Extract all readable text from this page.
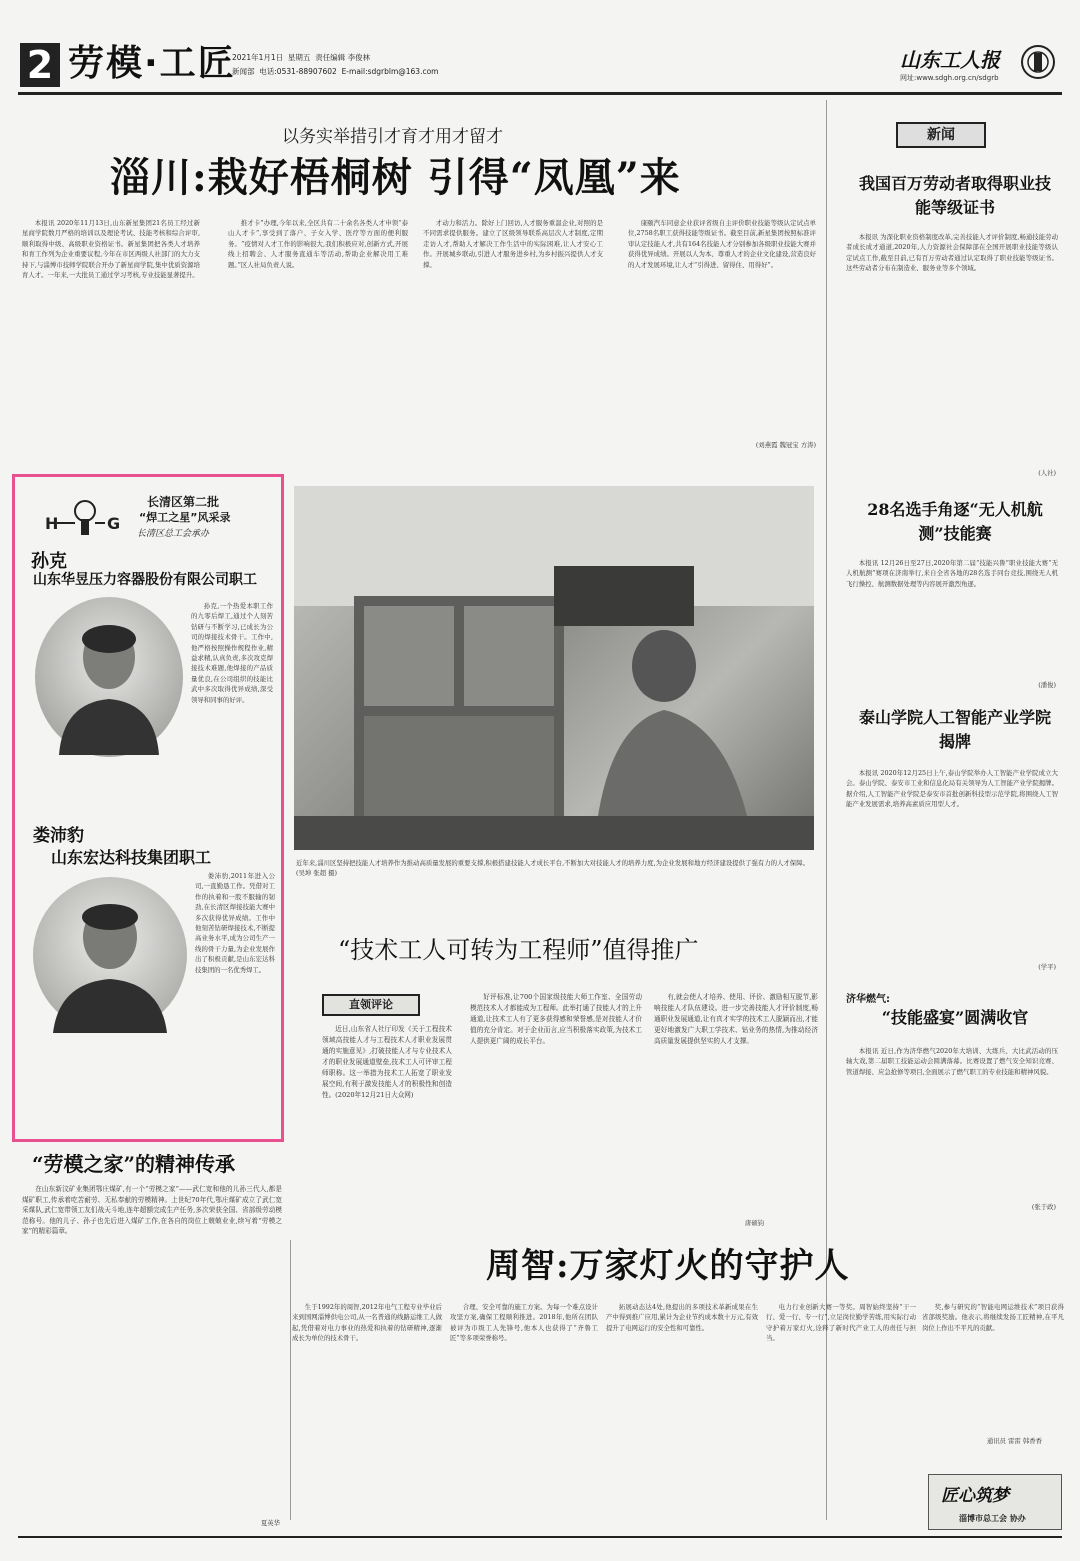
2 劳模·工匠
2021年1月1日 星期五 责任编辑 李俊林
新闻部 电话:0531-88907602 E-mail:sdgrblm@163.com	山东工人报
网址:www.sdgh.org.cn/sdgrb
以务实举措引才育才用才留才
淄川:栽好梧桐树 引得“凤凰”来

本报讯 2020年11月13日,山东新星集团21名员工经过新星商学院数月严格的培训以及理论考试、技能考核和综合评审,顺利取得中级、高级职业资格证书。新星集团把各类人才培养和育工作列为企业重要议程,今年在市区两级人社部门的大力支持下,与淄博市技师学院联合开办了新星商学院,集中优质资源培育人才。一年来,一大批员工通过学习考核,专业技能显著提升。

推才卡”办理,今年以来,全区共有二十余名各类人才申领“泰山人才卡”,享受到了落户、子女入学、医疗等方面的便利服务。“疫情对人才工作的影响很大,我们积极应对,创新方式,开展线上招聘会、人才服务直通车等活动,帮助企业解决用工难题。”区人社局负责人说。

才动力和活力。除好上门回访,人才服务重温企业,对照的是不同需求提供服务。建立了区级领导联系高层次人才制度,定期走访人才,帮助人才解决工作生活中的实际困难,让人才安心工作。开展城乡联动,引进人才服务进乡村,为乡村振兴提供人才支撑。

康颐汽车同意企业获评省级自主评价职业技能等级认定试点单位,2758名职工获得技能等级证书。截至目前,新星集团按照标准评审认定技能人才,共有164名技能人才分别参加各级职业技能大赛并获得优异成绩。开展以人为本、尊重人才的企业文化建设,营造良好的人才发展环境,让人才“引得进、留得住、用得好”。

(刘燕霞 魏冠宝 方涛)
H	G
长清区第二批
“焊工之星”风采录
长清区总工会承办
孙克
山东华昱压力容器股份有限公司职工

孙克,一个热爱本职工作的九零后焊工,通过个人刻苦钻研与不断学习,已成长为公司的焊接技术骨干。工作中,他严格按照操作规程作业,精益求精,认真负责,多次攻克焊接技术难题,他焊接的产品质量优良,在公司组织的技能比武中多次取得优异成绩,深受领导和同事的好评。

娄沛豹
山东宏达科技集团职工

娄沛豹,2011年进入公司,一直勤恳工作。凭借对工作的执着和一股不服输的韧劲,在长清区焊接技能大赛中多次获得优异成绩。工作中他刻苦钻研焊接技术,不断提高业务水平,成为公司生产一线的骨干力量,为企业发展作出了积极贡献,是山东宏达科技集团的一名优秀焊工。

近年来,淄川区坚持把技能人才培养作为推动高质量发展的重要支撑,积极搭建技能人才成长平台,不断加大对技能人才的培养力度,为企业发展和地方经济建设提供了强有力的人才保障。(吴坤 张超 摄)
“技术工人可转为工程师”值得推广
直领评论

近日,山东省人社厅印发《关于工程技术领域高技能人才与工程技术人才职业发展贯通的实施意见》,打破技能人才与专业技术人才的职业发展通道壁垒,技术工人可评审工程师职称。这一举措为技术工人拓宽了职业发展空间,有利于激发技能人才的积极性和创造性。(2020年12月21日大众网)

好评标准,让700个国家级技能大师工作室、全国劳动模范技术人才都能成为工程师。此举打通了技能人才的上升通道,让技术工人有了更多获得感和荣誉感,是对技能人才价值的充分肯定。对于企业而言,应当积极落实政策,为技术工人提供更广阔的成长平台。

有,就会使人才培养、使用、评价、激励相互脱节,影响技能人才队伍建设。进一步完善技能人才评价制度,畅通职业发展通道,让有真才实学的技术工人脱颖而出,才能更好地激发广大职工学技术、钻业务的热情,为推动经济高质量发展提供坚实的人才支撑。

唐硕钧
“劳模之家”的精神传承

在山东新汶矿业集团鄂庄煤矿,有一个“劳模之家”——武仁宽和他的儿孙三代人,都是煤矿职工,传承着吃苦耐劳、无私奉献的劳模精神。上世纪70年代,鄂庄煤矿成立了武仁宽采煤队,武仁宽带领工友们战天斗地,连年超额完成生产任务,多次荣获全国、省部级劳动模范称号。他的儿子、孙子也先后进入煤矿工作,在各自的岗位上兢兢业业,续写着“劳模之家”的精彩篇章。

夏英华
周智:万家灯火的守护人

生于1992年的周智,2012年电气工程专业毕业后来到国网淄博供电公司,从一名普通的线路运维工人做起,凭借着对电力事业的热爱和执着的钻研精神,逐渐成长为单位的技术骨干。

合理、安全可靠的施工方案。为每一个难点设计攻坚方案,确保工程顺利推进。2018年,他所在团队被评为市级工人先锋号,他本人也获得了“齐鲁工匠”等多项荣誉称号。

拓展动态达4处,他提出的多项技术革新成果在生产中得到推广应用,累计为企业节约成本数十万元,有效提升了电网运行的安全性和可靠性。

电力行业创新大赛一等奖。周智始终坚持“干一行、爱一行、专一行”,立足岗位勤学苦练,用实际行动守护着万家灯火,诠释了新时代产业工人的责任与担当。

奖,参与研究的“智能电网运维技术”项目获得省部级奖励。他表示,将继续发扬工匠精神,在平凡岗位上作出不平凡的贡献。

通讯员 雷雷 韩香香
新闻
我国百万劳动者取得职业技能等级证书

本报讯 为深化职业资格制度改革,完善技能人才评价制度,畅通技能劳动者成长成才通道,2020年,人力资源社会保障部在全国开展职业技能等级认定试点工作,截至目前,已有百万劳动者通过认定取得了职业技能等级证书。这些劳动者分布在制造业、服务业等多个领域。

(人社)
28名选手角逐“无人机航测”技能赛

本报讯 12月26日至27日,2020年第二届“技能兴鲁”职业技能大赛“无人机航测”赛项在济南举行,来自全省各地的28名选手同台竞技,围绕无人机飞行操控、航测数据处理等内容展开激烈角逐。

(潘俊)
泰山学院人工智能产业学院揭牌

本报讯 2020年12月25日上午,泰山学院举办人工智能产业学院成立大会。泰山学院、泰安市工业和信息化局有关领导为人工智能产业学院揭牌。据介绍,人工智能产业学院是泰安市首批创新科技型示范学院,将围绕人工智能产业发展需求,培养高素质应用型人才。

(学平)
济华燃气:
“技能盛宴”圆满收官

本报讯 近日,作为济华燃气2020年大培训、大练兵、大比武活动的压轴大戏,第二届职工技能运动会圆满落幕。比赛设置了燃气安全知识竞赛、管道焊接、应急抢修等项目,全面展示了燃气职工的专业技能和精神风貌。

(张于政)
匠心筑梦
淄博市总工会 协办
